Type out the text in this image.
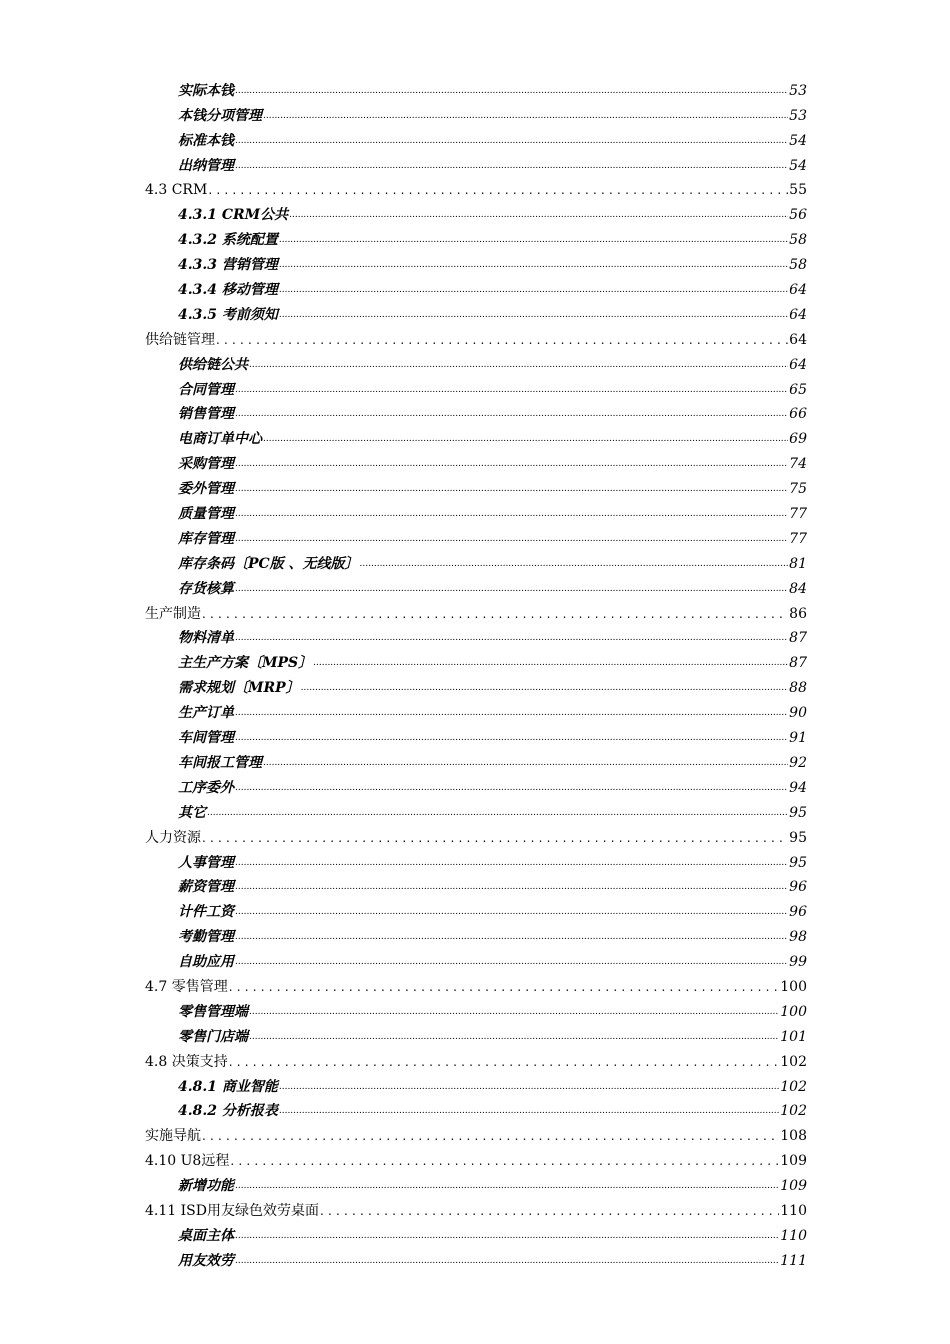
实际本钱 .....	53
本钱分项管理 .....	53
标准本钱 .....	54
出纳管理 .....	54
4.3 CRM .....	55
4.3.1 CRM公共 .....	56
4.3.2 系统配置 .....	58
4.3.3 营销管理 .....	58
4.3.4 移动管理 .....	64
4.3.5 考前须知 .....	64
供给链管理 .....	64
供给链公共 .....	64
合同管理 .....	65
销售管理 .....	66
电商订单中心 .....	69
采购管理 .....	74
委外管理 .....	75
质量管理 .....	77
库存管理 .....	77
库存条码〔PC版 、无线版〕 .....	81
存货核算 .....	84
生产制造 .....	86
物料清单 .....	87
主生产方案〔MPS〕 .....	87
需求规划〔MRP〕 .....	88
生产订单 .....	90
车间管理 .....	91
车间报工管理 .....	92
工序委外 .....	94
其它 .....	95
人力资源 .....	95
人事管理 .....	95
薪资管理 .....	96
计件工资 .....	96
考勤管理 .....	98
自助应用 .....	99
4.7 零售管理 .....	100
零售管理端 .....	100
零售门店端 .....	101
4.8 决策支持 .....	102
4.8.1 商业智能 .....	102
4.8.2 分析报表 .....	102
实施导航 .....	108
4.10 U8远程 .....	109
新增功能 .....	109
4.11 ISD用友绿色效劳桌面 .....	110
桌面主体 .....	110
用友效劳 .....	111
